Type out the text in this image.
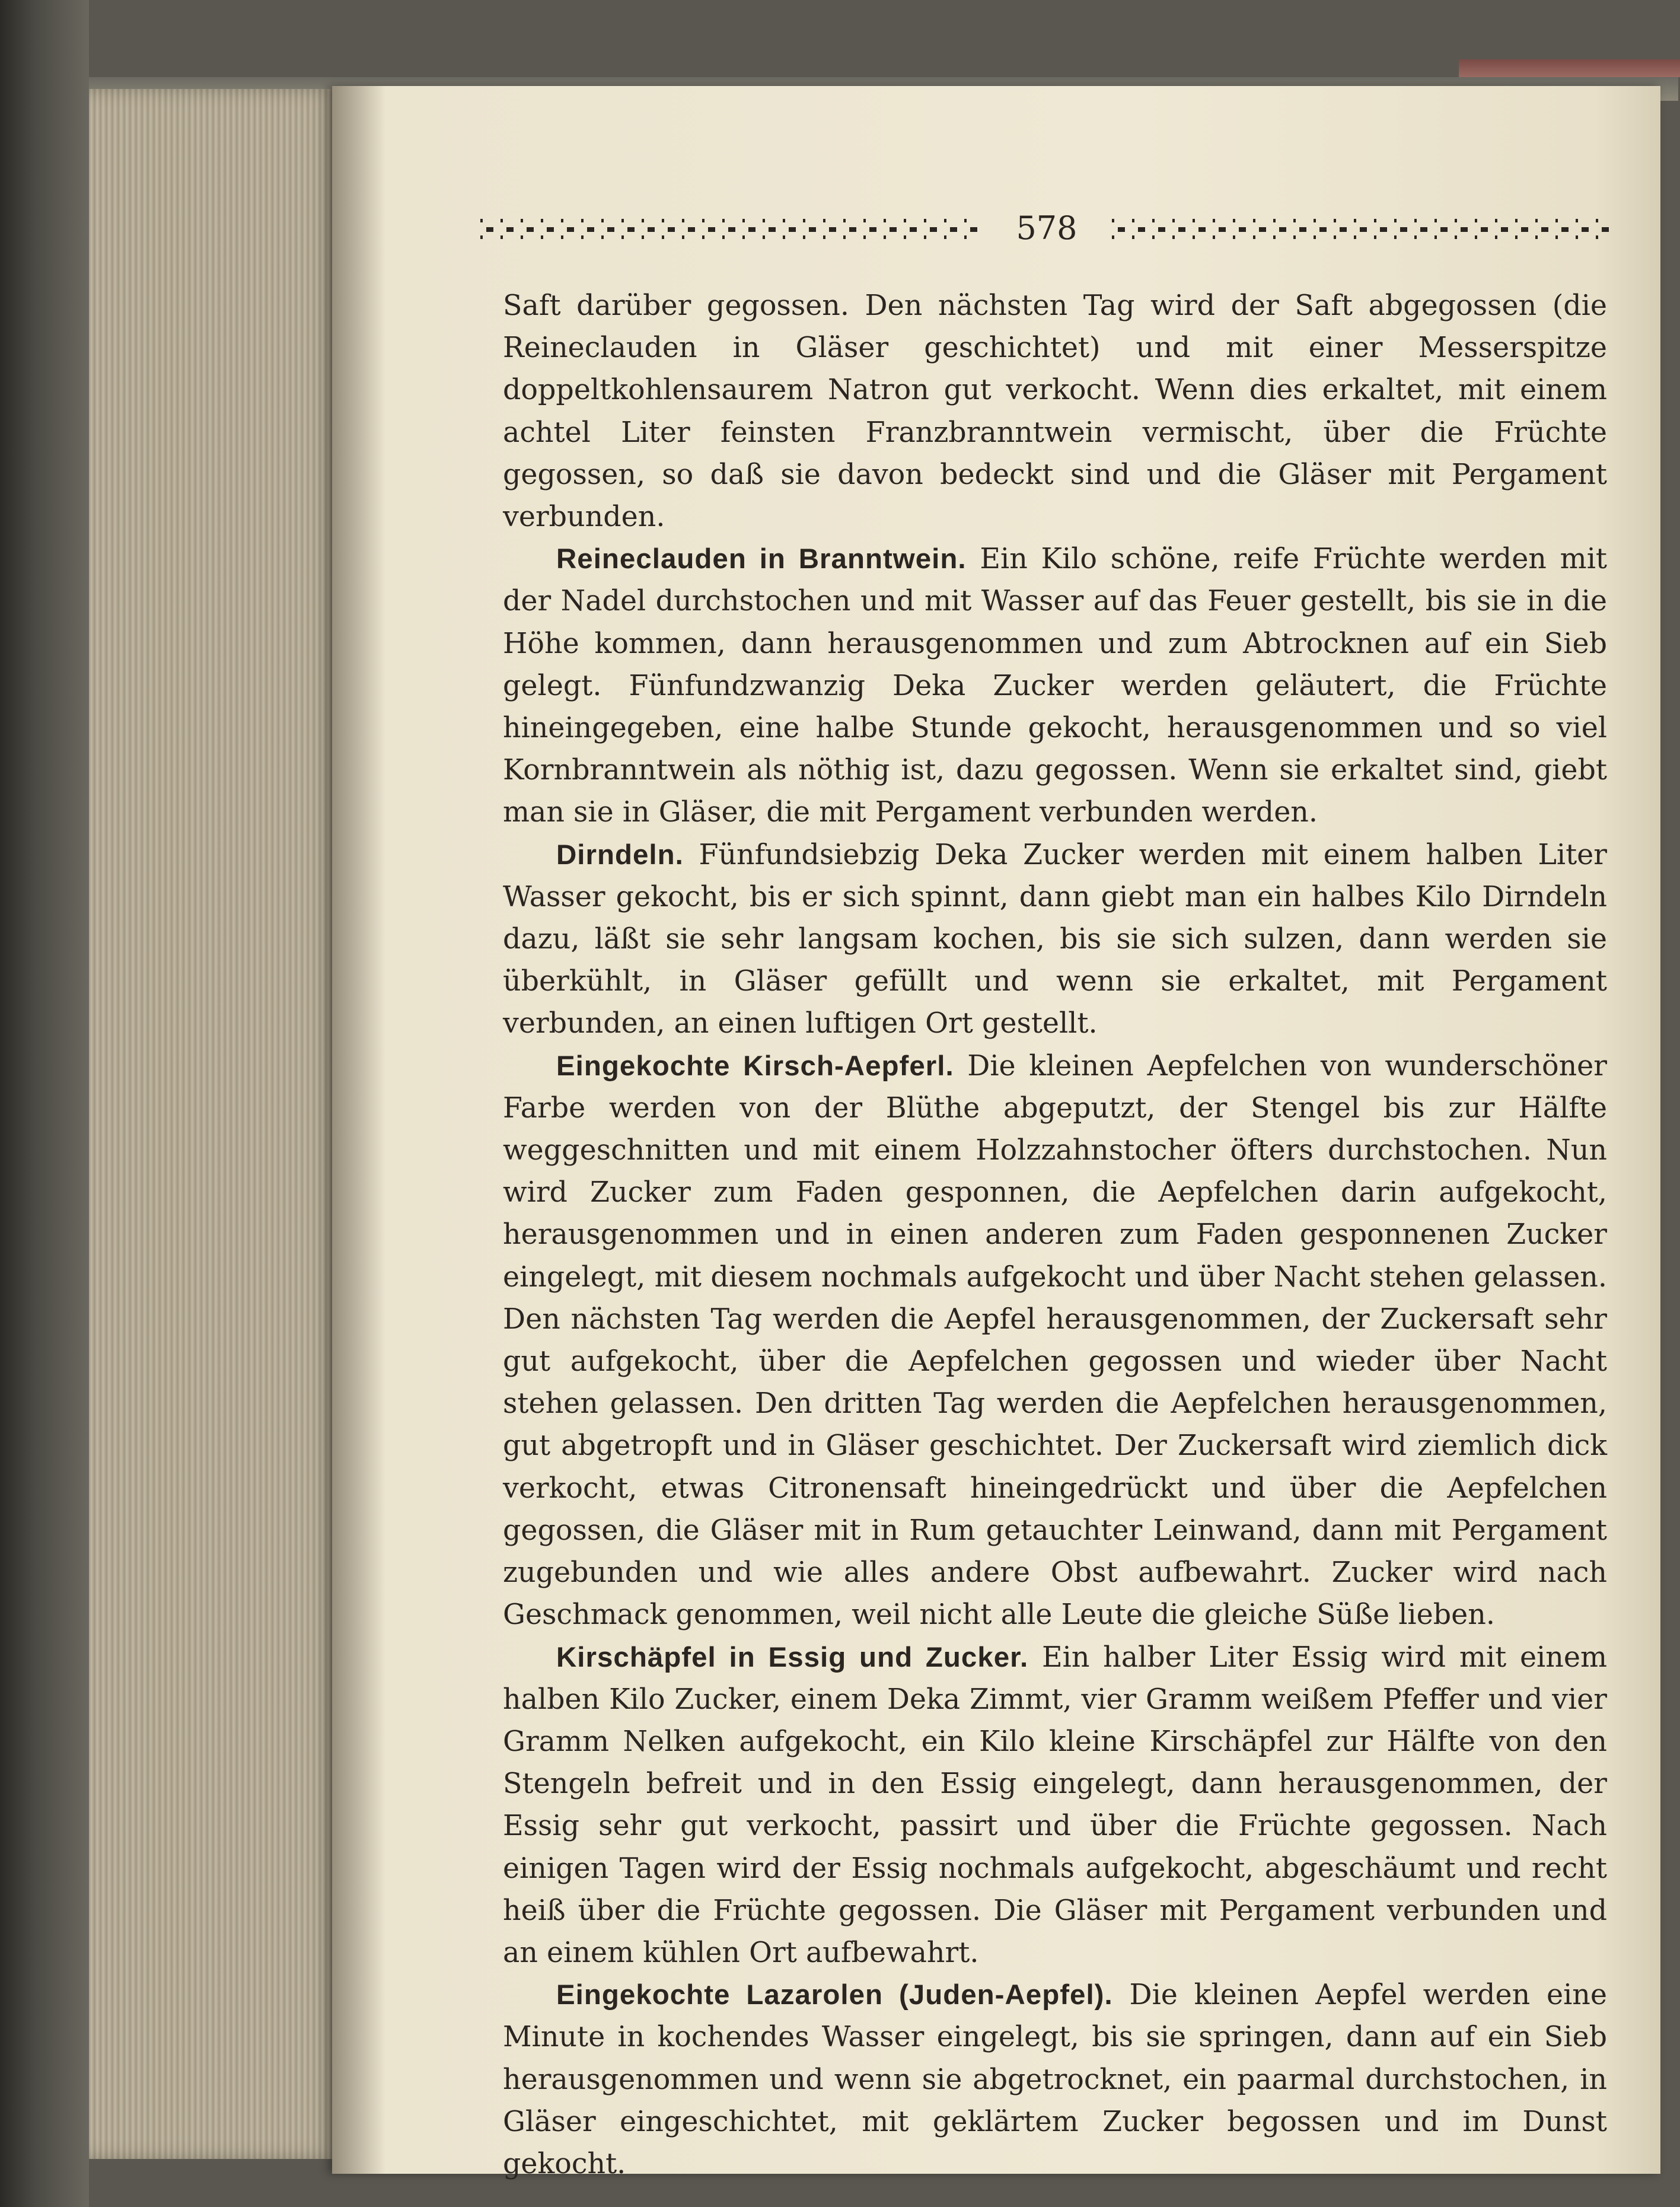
578

Saft darüber gegossen. Den nächsten Tag wird der Saft abgegossen (die Reineclauden in Gläser geschichtet) und mit einer Messerspitze doppeltkohlensaurem Natron gut verkocht. Wenn dies erkaltet, mit einem achtel Liter feinsten Franzbranntwein vermischt, über die Früchte gegossen, so daß sie davon bedeckt sind und die Gläser mit Pergament verbunden.

Reineclauden in Branntwein. Ein Kilo schöne, reife Früchte werden mit der Nadel durchstochen und mit Wasser auf das Feuer gestellt, bis sie in die Höhe kommen, dann herausgenommen und zum Abtrocknen auf ein Sieb gelegt. Fünfundzwanzig Deka Zucker werden geläutert, die Früchte hineingegeben, eine halbe Stunde gekocht, herausgenommen und so viel Kornbranntwein als nöthig ist, dazu gegossen. Wenn sie erkaltet sind, giebt man sie in Gläser, die mit Pergament verbunden werden.

Dirndeln. Fünfundsiebzig Deka Zucker werden mit einem halben Liter Wasser gekocht, bis er sich spinnt, dann giebt man ein halbes Kilo Dirndeln dazu, läßt sie sehr langsam kochen, bis sie sich sulzen, dann werden sie überkühlt, in Gläser gefüllt und wenn sie erkaltet, mit Pergament verbunden, an einen luftigen Ort gestellt.

Eingekochte Kirsch-Aepferl. Die kleinen Aepfelchen von wunderschöner Farbe werden von der Blüthe abgeputzt, der Stengel bis zur Hälfte weggeschnitten und mit einem Holzzahnstocher öfters durchstochen. Nun wird Zucker zum Faden gesponnen, die Aepfelchen darin aufgekocht, herausgenommen und in einen anderen zum Faden gesponnenen Zucker eingelegt, mit diesem nochmals aufgekocht und über Nacht stehen gelassen. Den nächsten Tag werden die Aepfel herausgenommen, der Zuckersaft sehr gut aufgekocht, über die Aepfelchen gegossen und wieder über Nacht stehen gelassen. Den dritten Tag werden die Aepfelchen herausgenommen, gut abgetropft und in Gläser geschichtet. Der Zuckersaft wird ziemlich dick verkocht, etwas Citronensaft hineingedrückt und über die Aepfelchen gegossen, die Gläser mit in Rum getauchter Leinwand, dann mit Pergament zugebunden und wie alles andere Obst aufbewahrt. Zucker wird nach Geschmack genommen, weil nicht alle Leute die gleiche Süße lieben.

Kirschäpfel in Essig und Zucker. Ein halber Liter Essig wird mit einem halben Kilo Zucker, einem Deka Zimmt, vier Gramm weißem Pfeffer und vier Gramm Nelken aufgekocht, ein Kilo kleine Kirschäpfel zur Hälfte von den Stengeln befreit und in den Essig eingelegt, dann herausgenommen, der Essig sehr gut verkocht, passirt und über die Früchte gegossen. Nach einigen Tagen wird der Essig nochmals aufgekocht, abgeschäumt und recht heiß über die Früchte gegossen. Die Gläser mit Pergament verbunden und an einem kühlen Ort aufbewahrt.

Eingekochte Lazarolen (Juden-Aepfel). Die kleinen Aepfel werden eine Minute in kochendes Wasser eingelegt, bis sie springen, dann auf ein Sieb herausgenommen und wenn sie abgetrocknet, ein paarmal durchstochen, in Gläser eingeschichtet, mit geklärtem Zucker begossen und im Dunst gekocht.
